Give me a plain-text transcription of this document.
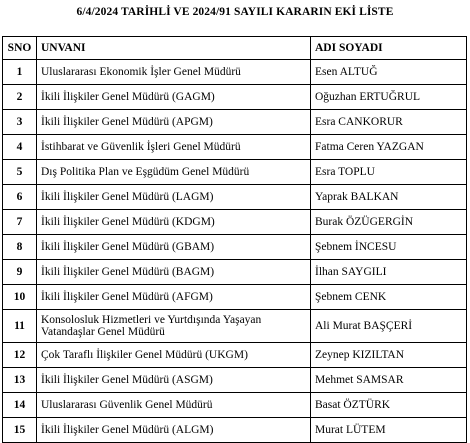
6/4/2024 TARİHLİ VE 2024/91 SAYILI KARARIN EKİ LİSTE
SNO	UNVANI	ADI SOYADI
1	Uluslararası Ekonomik İşler Genel Müdürü	Esen ALTUĞ
2	İkili İlişkiler Genel Müdürü (GAGM)	Oğuzhan ERTUĞRUL
3	İkili İlişkiler Genel Müdürü (APGM)	Esra CANKORUR
4	İstihbarat ve Güvenlik İşleri Genel Müdürü	Fatma Ceren YAZGAN
5	Dış Politika Plan ve Eşgüdüm Genel Müdürü	Esra TOPLU
6	İkili İlişkiler Genel Müdürü (LAGM)	Yaprak BALKAN
7	İkili İlişkiler Genel Müdürü (KDGM)	Burak ÖZÜGERGİN
8	İkili İlişkiler Genel Müdürü (GBAM)	Şebnem İNCESU
9	İkili İlişkiler Genel Müdürü (BAGM)	İlhan SAYGILI
10	İkili İlişkiler Genel Müdürü (AFGM)	Şebnem CENK
11	Konsolosluk Hizmetleri ve Yurtdışında Yaşayan Vatandaşlar Genel Müdürü	Ali Murat BAŞÇERİ
12	Çok Taraflı İlişkiler Genel Müdürü (UKGM)	Zeynep KIZILTAN
13	İkili İlişkiler Genel Müdürü (ASGM)	Mehmet SAMSAR
14	Uluslararası Güvenlik Genel Müdürü	Basat ÖZTÜRK
15	İkili İlişkiler Genel Müdürü (ALGM)	Murat LÜTEM
